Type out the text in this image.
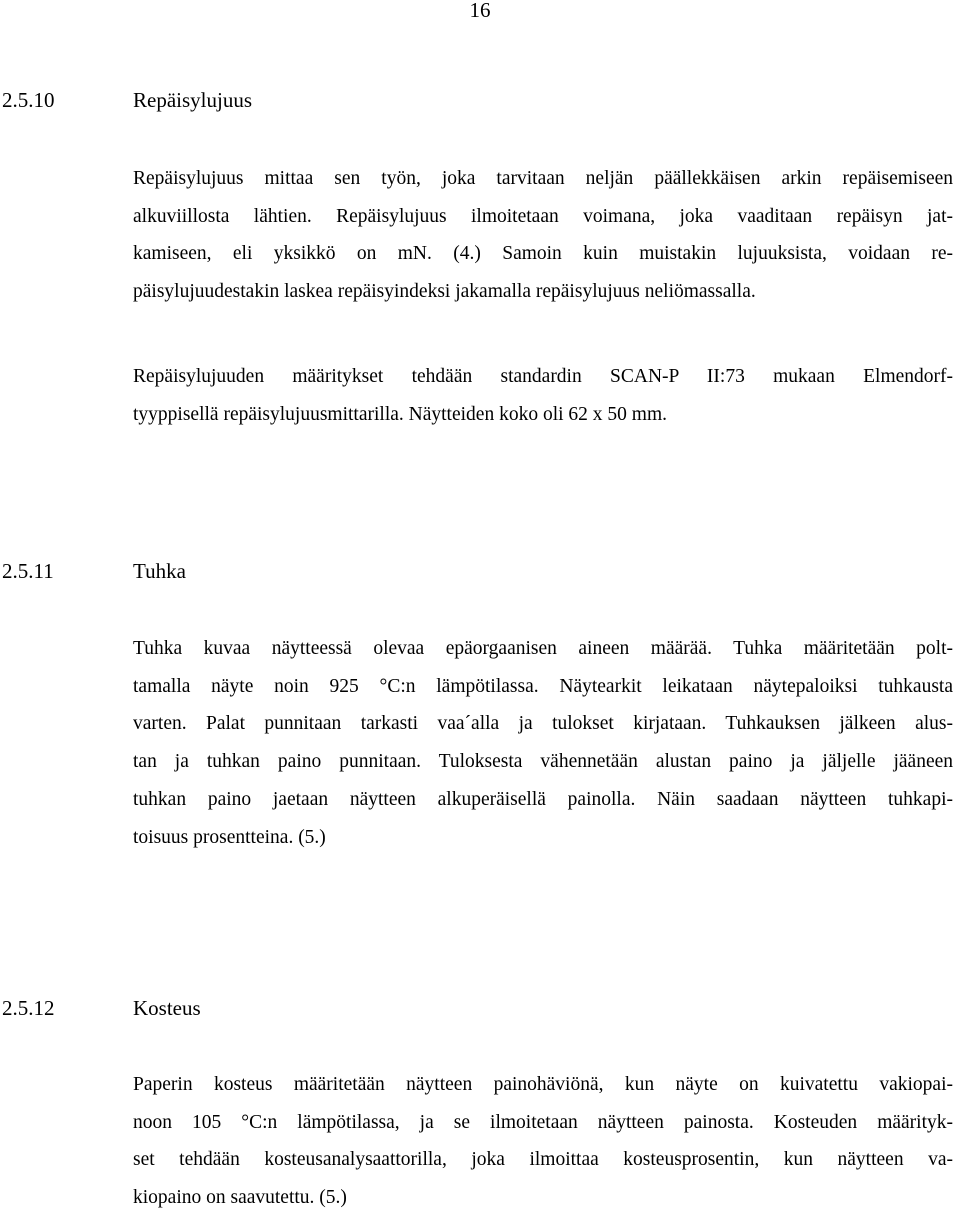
16
2.5.10	Repäisylujuus
Repäisylujuus mittaa sen työn, joka tarvitaan neljän päällekkäisen arkin repäisemiseen
alkuviillosta lähtien. Repäisylujuus ilmoitetaan voimana, joka vaaditaan repäisyn jat-
kamiseen, eli yksikkö on mN. (4.) Samoin kuin muistakin lujuuksista, voidaan re-
päisylujuudestakin laskea repäisyindeksi jakamalla repäisylujuus neliömassalla.
Repäisylujuuden määritykset tehdään standardin SCAN-P II:73 mukaan Elmendorf-
tyyppisellä repäisylujuusmittarilla. Näytteiden koko oli 62 x 50 mm.
2.5.11	Tuhka
Tuhka kuvaa näytteessä olevaa epäorgaanisen aineen määrää. Tuhka määritetään polt-
tamalla näyte noin 925 °C:n lämpötilassa. Näytearkit leikataan näytepaloiksi tuhkausta
varten. Palat punnitaan tarkasti vaa´alla ja tulokset kirjataan. Tuhkauksen jälkeen alus-
tan ja tuhkan paino punnitaan. Tuloksesta vähennetään alustan paino ja jäljelle jääneen
tuhkan paino jaetaan näytteen alkuperäisellä painolla. Näin saadaan näytteen tuhkapi-
toisuus prosentteina. (5.)
2.5.12	Kosteus
Paperin kosteus määritetään näytteen painohäviönä, kun näyte on kuivatettu vakiopai-
noon 105 °C:n lämpötilassa, ja se ilmoitetaan näytteen painosta. Kosteuden määrityk-
set tehdään kosteusanalysaattorilla, joka ilmoittaa kosteusprosentin, kun näytteen va-
kiopaino on saavutettu. (5.)
